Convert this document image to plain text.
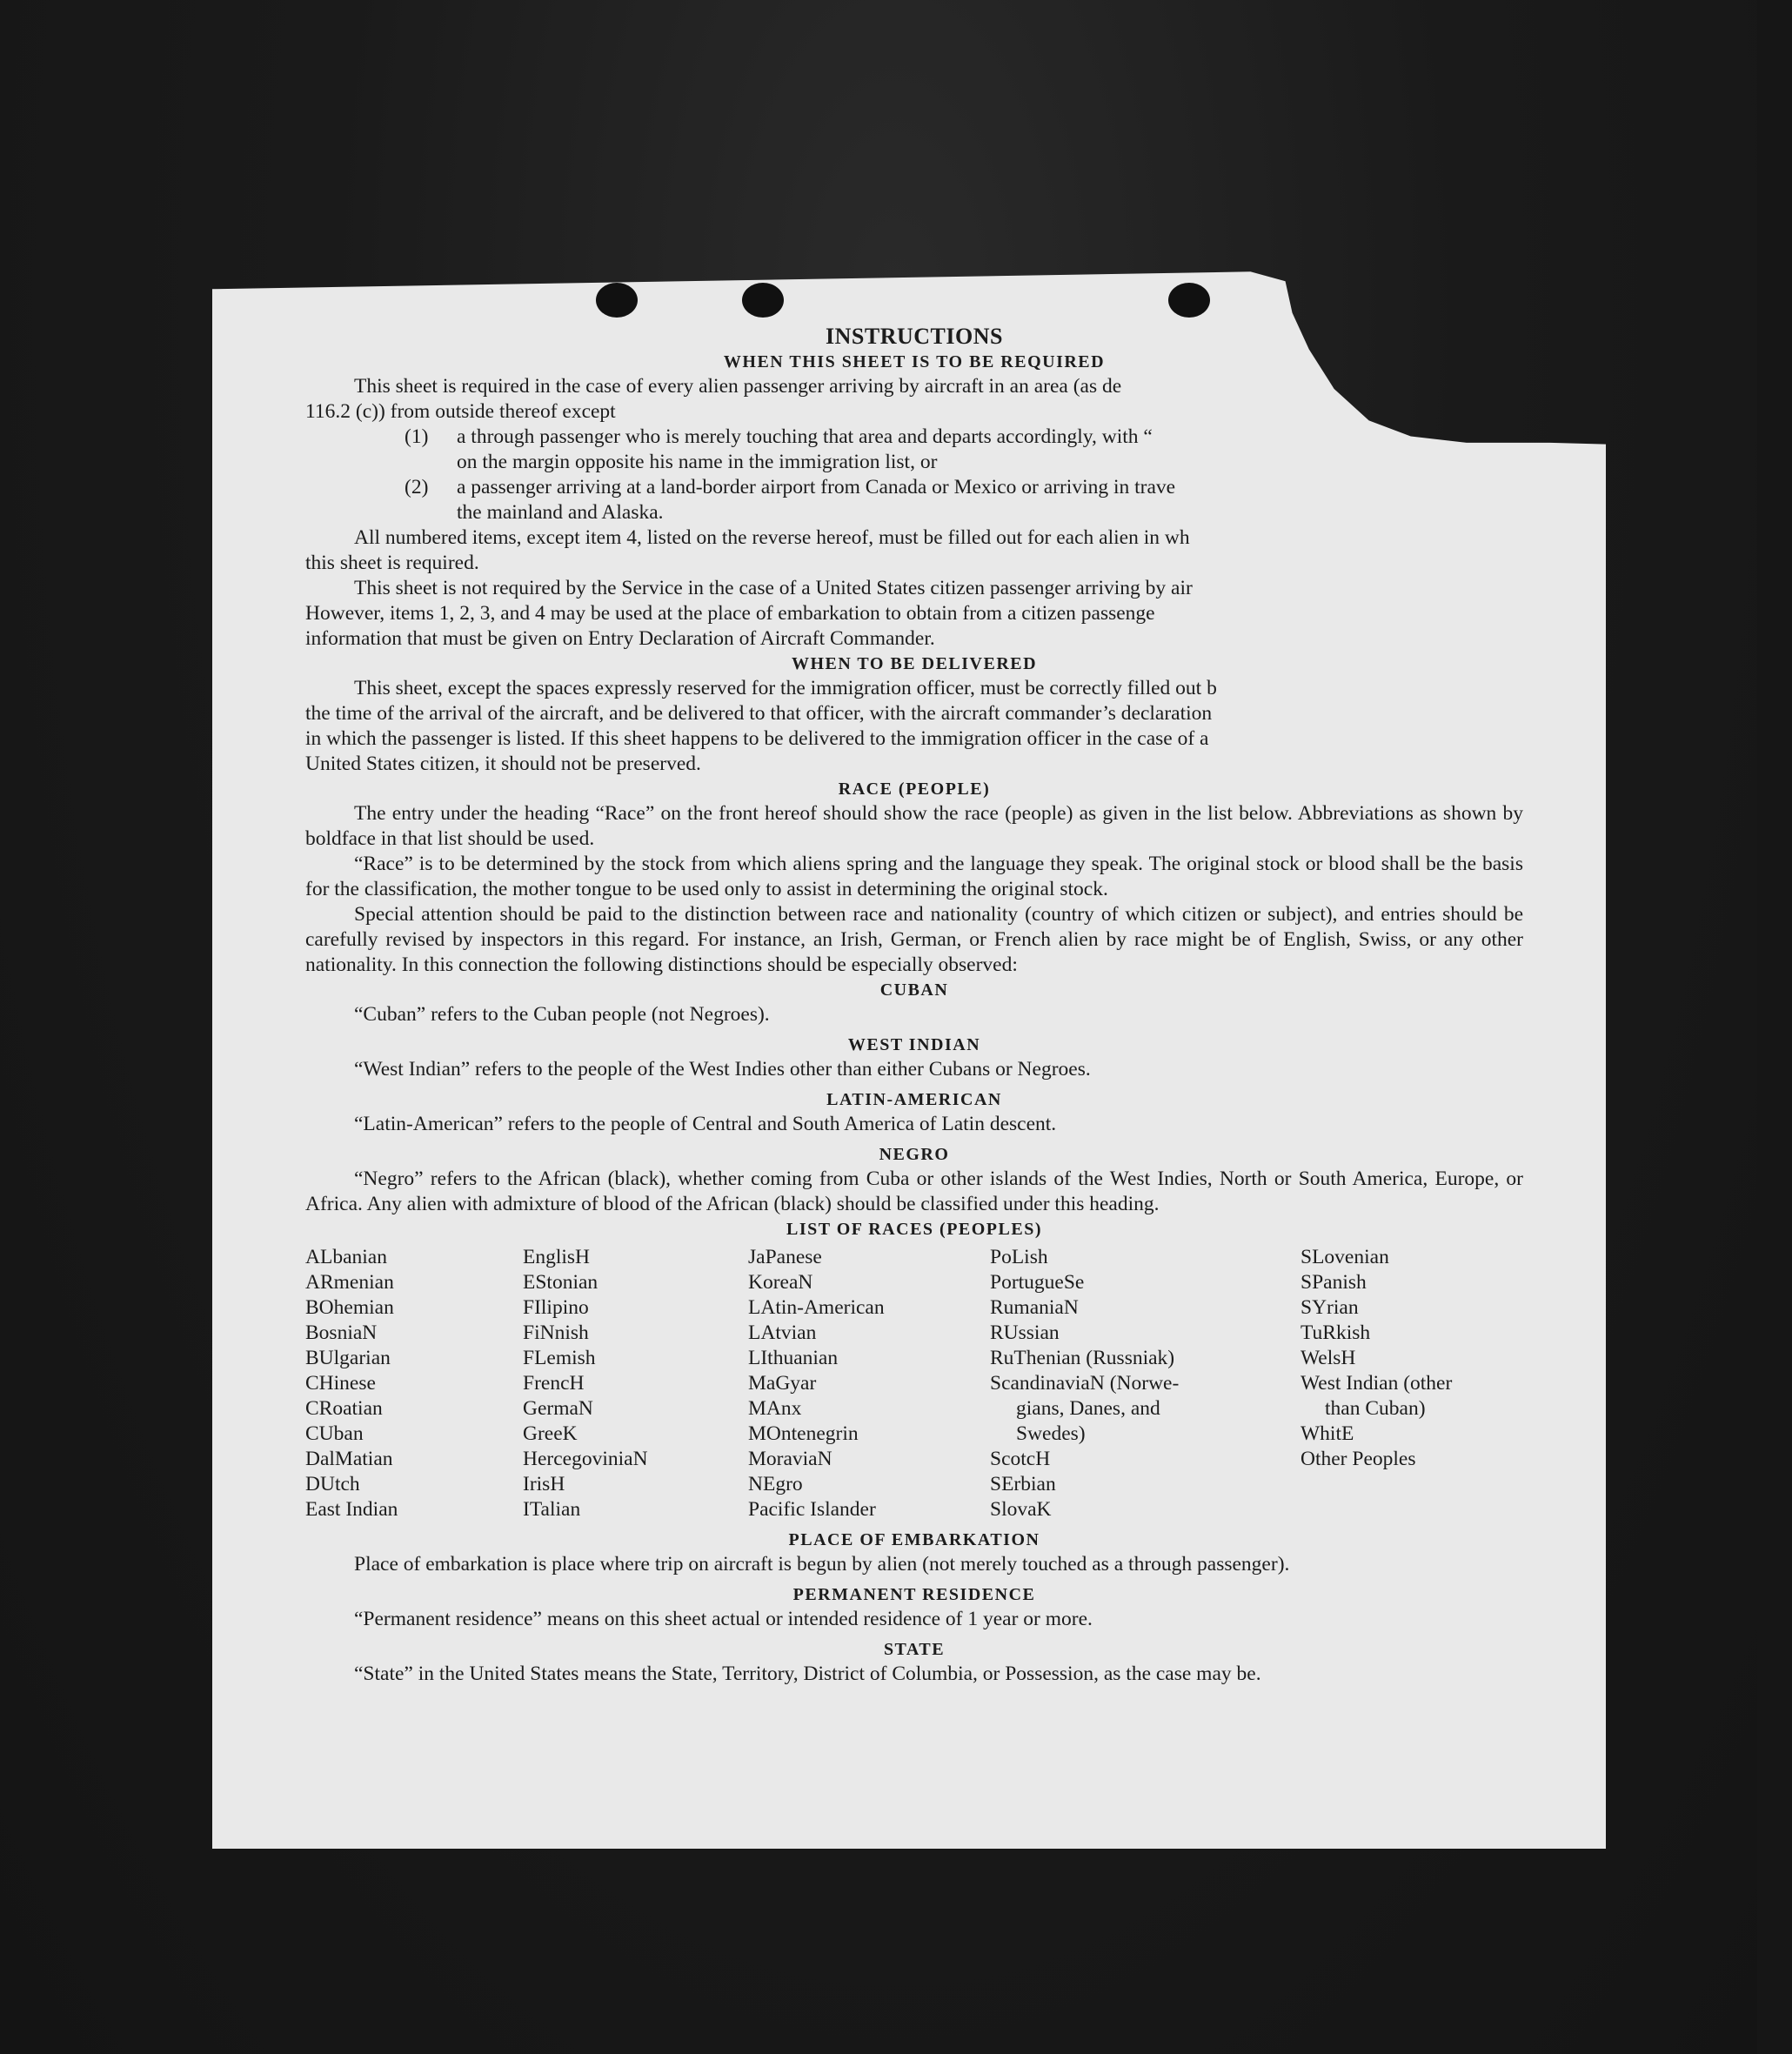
INSTRUCTIONS
WHEN THIS SHEET IS TO BE REQUIRED

This sheet is required in the case of every alien passenger arriving by aircraft in an area (as de

116.2 (c)) from outside thereof except

(1)	a through passenger who is merely touching that area and departs accordingly, with “
on the margin opposite his name in the immigration list, or
(2)	a passenger arriving at a land-border airport from Canada or Mexico or arriving in trave
the mainland and Alaska.

All numbered items, except item 4, listed on the reverse hereof, must be filled out for each alien in wh

this sheet is required.

This sheet is not required by the Service in the case of a United States citizen passenger arriving by air

However, items 1, 2, 3, and 4 may be used at the place of embarkation to obtain from a citizen passenge

information that must be given on Entry Declaration of Aircraft Commander.

WHEN TO BE DELIVERED

This sheet, except the spaces expressly reserved for the immigration officer, must be correctly filled out b

the time of the arrival of the aircraft, and be delivered to that officer, with the aircraft commander’s declaration

in which the passenger is listed. If this sheet happens to be delivered to the immigration officer in the case of a

United States citizen, it should not be preserved.

RACE (PEOPLE)

The entry under the heading “Race” on the front hereof should show the race (people) as given in the list below. Abbreviations as shown by boldface in that list should be used.

“Race” is to be determined by the stock from which aliens spring and the language they speak. The original stock or blood shall be the basis for the classification, the mother tongue to be used only to assist in determining the original stock.

Special attention should be paid to the distinction between race and nationality (country of which citizen or subject), and entries should be carefully revised by inspectors in this regard. For instance, an Irish, German, or French alien by race might be of English, Swiss, or any other nationality. In this connection the following distinctions should be especially observed:

CUBAN

“Cuban” refers to the Cuban people (not Negroes).

WEST INDIAN

“West Indian” refers to the people of the West Indies other than either Cubans or Negroes.

LATIN-AMERICAN

“Latin-American” refers to the people of Central and South America of Latin descent.

NEGRO

“Negro” refers to the African (black), whether coming from Cuba or other islands of the West Indies, North or South America, Europe, or Africa. Any alien with admixture of blood of the African (black) should be classified under this heading.

LIST OF RACES (PEOPLES)
ALbanian
ARmenian
BOhemian
BosniaN
BUlgarian
CHinese
CRoatian
CUban
DalMatian
DUtch
East Indian
EnglisH
EStonian
FIlipino
FiNnish
FLemish
FrencH
GermaN
GreeK
HercegoviniaN
IrisH
ITalian
JaPanese
KoreaN
LAtin-American
LAtvian
LIthuanian
MaGyar
MAnx
MOntenegrin
MoraviaN
NEgro
Pacific Islander
PoLish
PortugueSe
RumaniaN
RUssian
RuThenian (Russniak)
ScandinaviaN (Norwe-
gians, Danes, and
Swedes)
ScotcH
SErbian
SlovaK
SLovenian
SPanish
SYrian
TuRkish
WelsH
West Indian (other
than Cuban)
WhitE
Other Peoples
PLACE OF EMBARKATION

Place of embarkation is place where trip on aircraft is begun by alien (not merely touched as a through passenger).

PERMANENT RESIDENCE

“Permanent residence” means on this sheet actual or intended residence of 1 year or more.

STATE

“State” in the United States means the State, Territory, District of Columbia, or Possession, as the case may be.
